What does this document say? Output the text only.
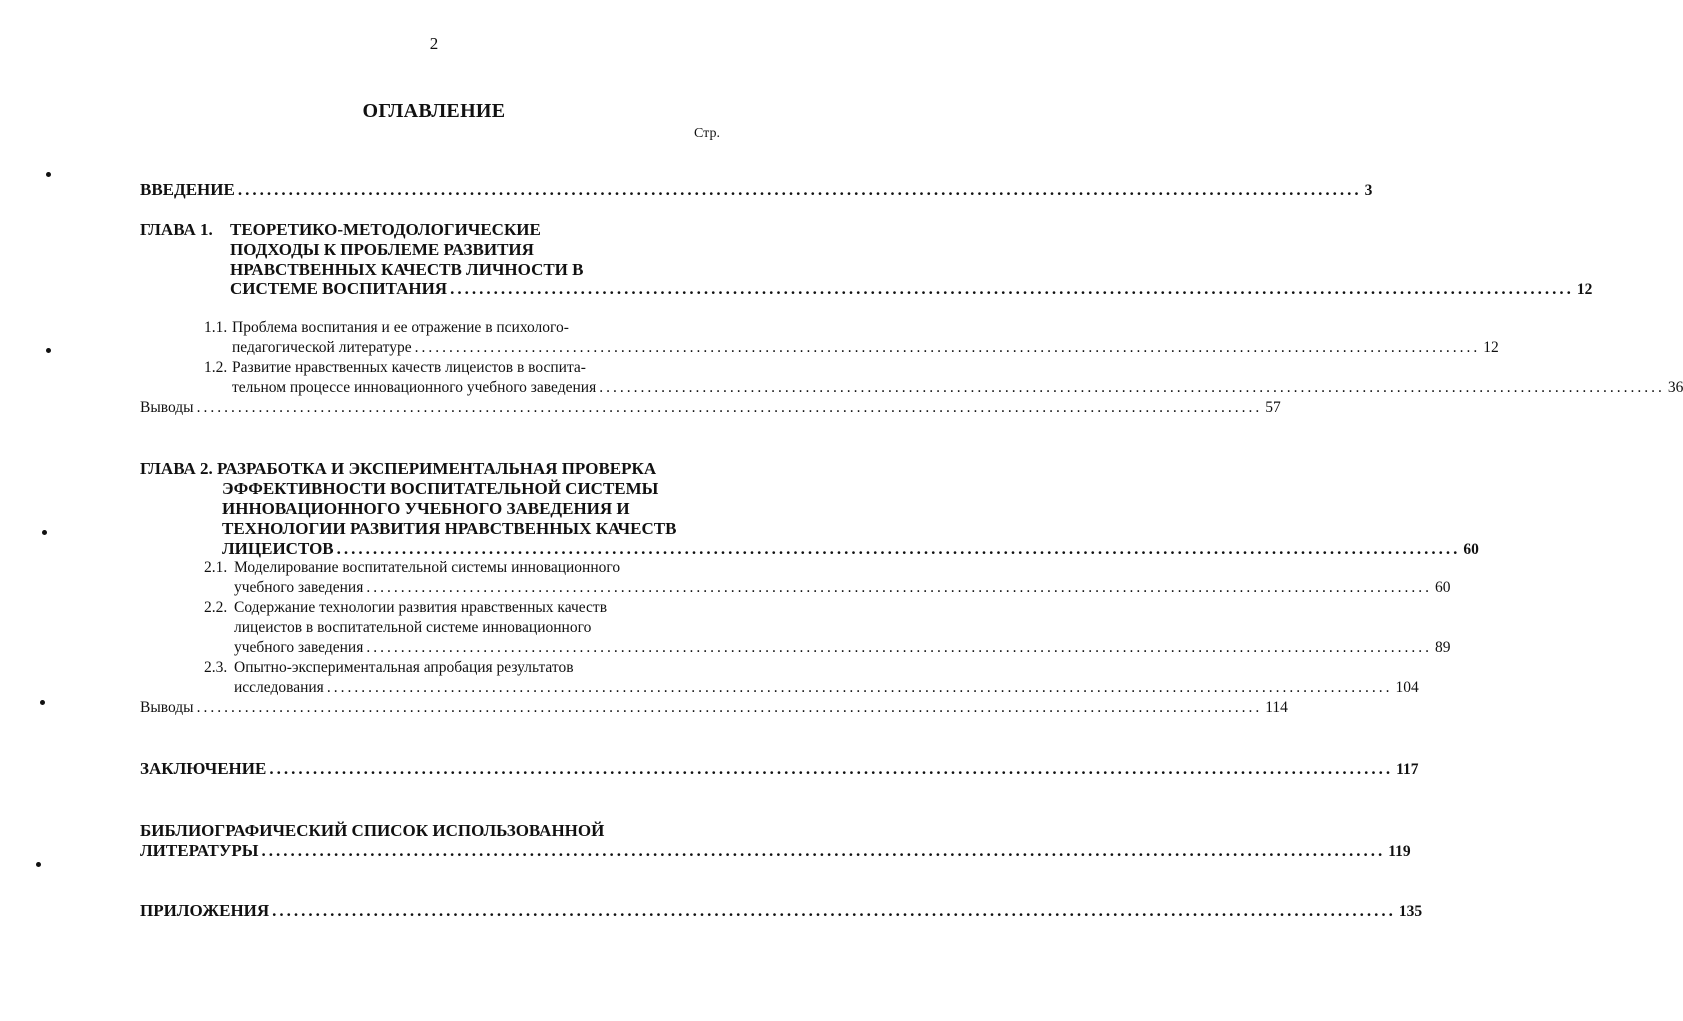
2
ОГЛАВЛЕНИЕ
Стр.
ВВЕДЕНИЕ ........................................................................................................................................................... 3
ГЛАВА 1. ТЕОРЕТИКО-МЕТОДОЛОГИЧЕСКИЕ
ПОДХОДЫ К ПРОБЛЕМЕ РАЗВИТИЯ
НРАВСТВЕННЫХ КАЧЕСТВ ЛИЧНОСТИ В
СИСТЕМЕ ВОСПИТАНИЯ ........................................................................................................................................................... 12
1.1. Проблема воспитания и ее отражение в психолого-
педагогической литературе ........................................................................................................................................................... 12
1.2. Развитие нравственных качеств лицеистов в воспита-
тельном процессе инновационного учебного заведения ........................................................................................................................................................... 36
Выводы ........................................................................................................................................................... 57
ГЛАВА 2. РАЗРАБОТКА И ЭКСПЕРИМЕНТАЛЬНАЯ ПРОВЕРКА
ЭФФЕКТИВНОСТИ ВОСПИТАТЕЛЬНОЙ СИСТЕМЫ
ИННОВАЦИОННОГО УЧЕБНОГО ЗАВЕДЕНИЯ И
ТЕХНОЛОГИИ РАЗВИТИЯ НРАВСТВЕННЫХ КАЧЕСТВ
ЛИЦЕИСТОВ ........................................................................................................................................................... 60
2.1. Моделирование воспитательной системы инновационного
учебного заведения ........................................................................................................................................................... 60
2.2. Содержание технологии развития нравственных качеств
лицеистов в воспитательной системе инновационного
учебного заведения ........................................................................................................................................................... 89
2.3. Опытно-экспериментальная апробация результатов
исследования ........................................................................................................................................................... 104
Выводы ........................................................................................................................................................... 114
ЗАКЛЮЧЕНИЕ ........................................................................................................................................................... 117
БИБЛИОГРАФИЧЕСКИЙ СПИСОК ИСПОЛЬЗОВАННОЙ
ЛИТЕРАТУРЫ ........................................................................................................................................................... 119
ПРИЛОЖЕНИЯ ........................................................................................................................................................... 135
